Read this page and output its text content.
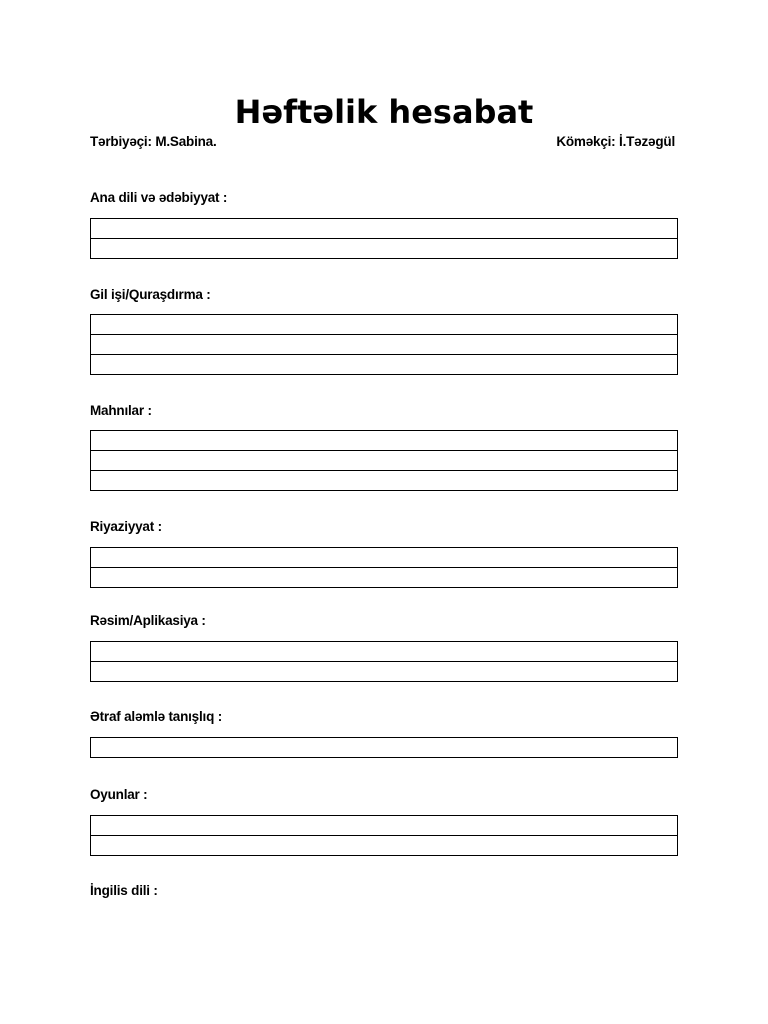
Həftəlik hesabat
Tərbiyəçi: M.Sabina.	Köməkçi: İ.Təzəgül

Ana dili və ədəbiyyat :

Gil işi/Quraşdırma :

Mahnılar :

Riyaziyyat :

Rəsim/Aplikasiya :

Ətraf aləmlə tanışlıq :

Oyunlar :

İngilis dili :
